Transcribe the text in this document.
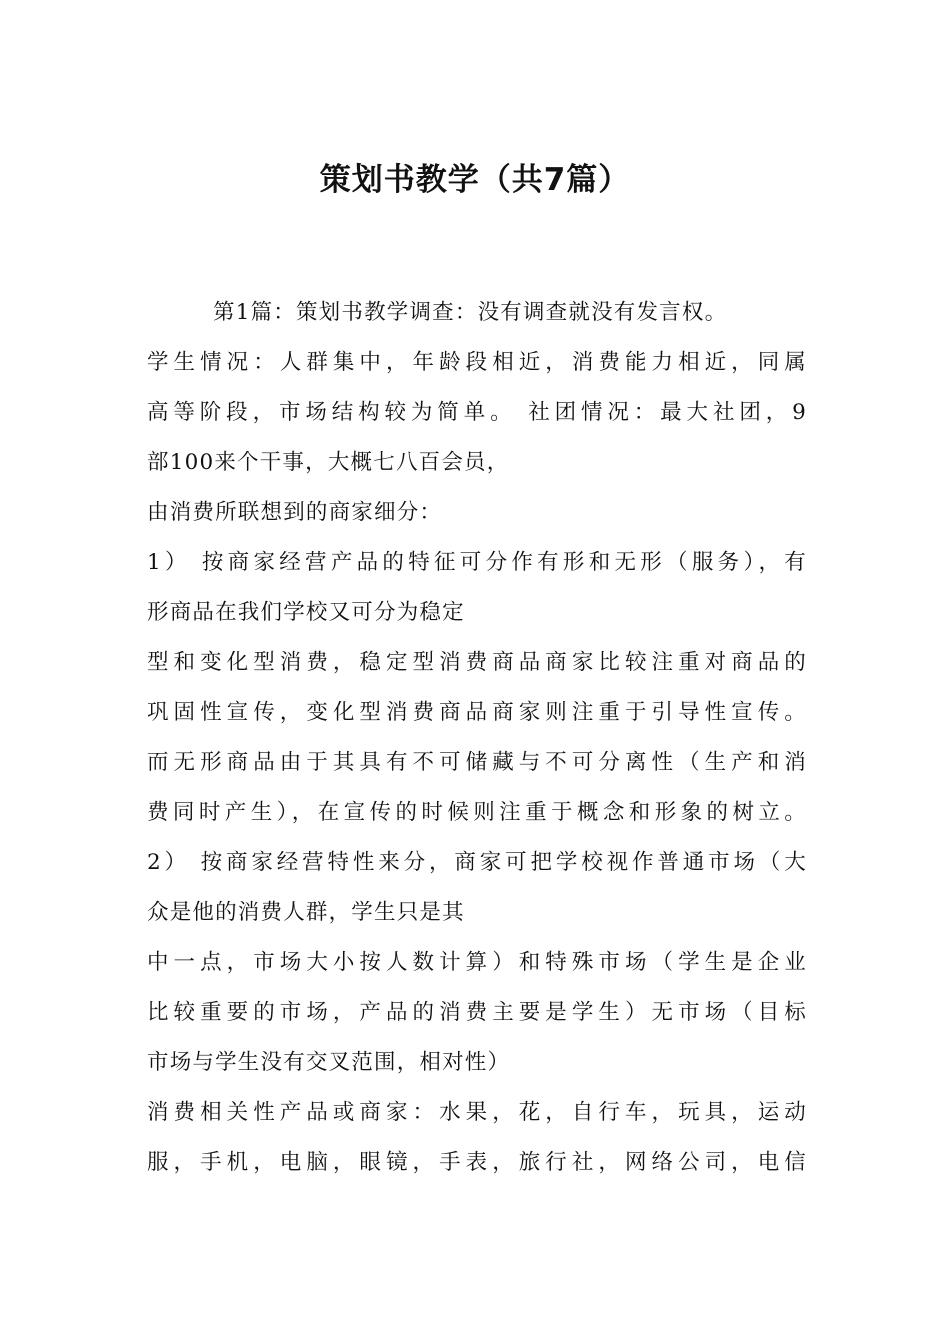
策划书教学（共7篇）
第1篇：策划书教学调查：没有调查就没有发言权。
学生情况：人群集中，年龄段相近，消费能力相近，同属
高等阶段，市场结构较为简单。 社团情况：最大社团，9
部100来个干事，大概七八百会员，
由消费所联想到的商家细分：
1） 按商家经营产品的特征可分作有形和无形（服务），有
形商品在我们学校又可分为稳定
型和变化型消费，稳定型消费商品商家比较注重对商品的
巩固性宣传，变化型消费商品商家则注重于引导性宣传。
而无形商品由于其具有不可储藏与不可分离性（生产和消
费同时产生），在宣传的时候则注重于概念和形象的树立。
2） 按商家经营特性来分，商家可把学校视作普通市场（大
众是他的消费人群，学生只是其
中一点，市场大小按人数计算）和特殊市场（学生是企业
比较重要的市场，产品的消费主要是学生）无市场（目标
市场与学生没有交叉范围，相对性）
消费相关性产品或商家：水果，花，自行车，玩具，运动
服，手机，电脑，眼镜，手表，旅行社，网络公司，电信
